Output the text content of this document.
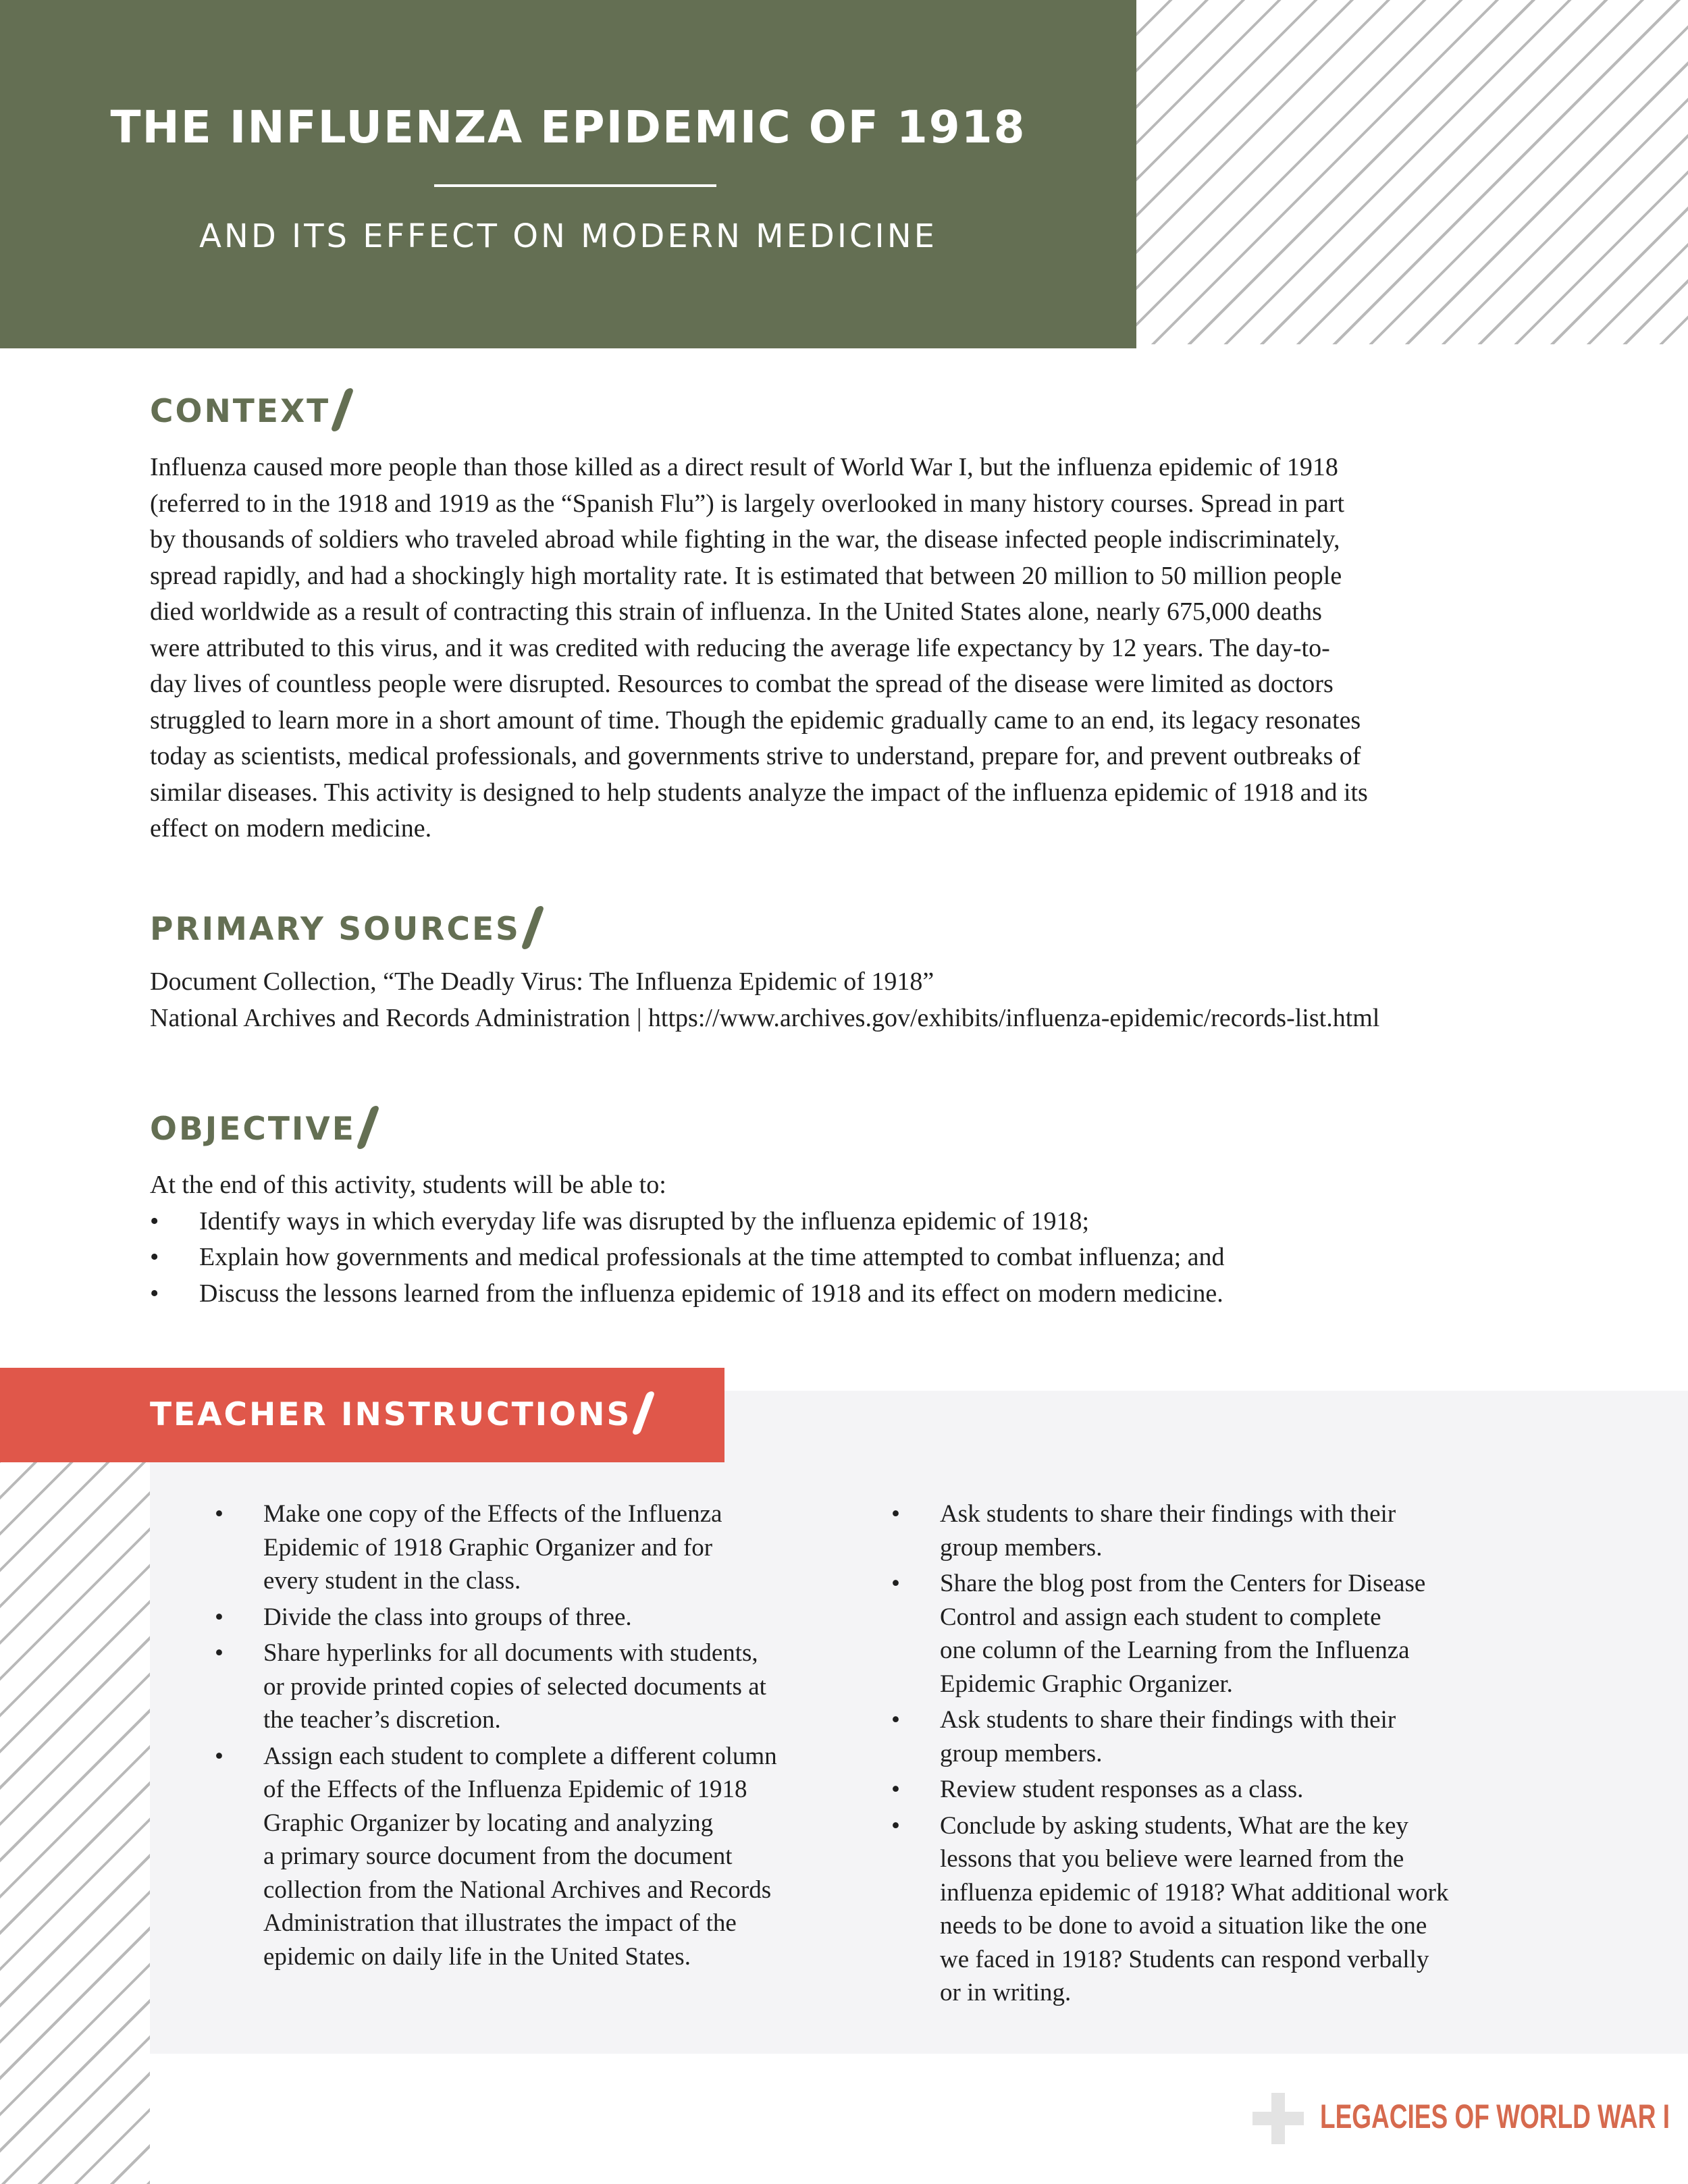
THE INFLUENZA EPIDEMIC OF 1918
AND ITS EFFECT ON MODERN MEDICINE
CONTEXT

Influenza caused more people than those killed as a direct result of World War I, but the influenza epidemic of 1918

(referred to in the 1918 and 1919 as the “Spanish Flu”) is largely overlooked in many history courses. Spread in part

by thousands of soldiers who traveled abroad while fighting in the war, the disease infected people indiscriminately,

spread rapidly, and had a shockingly high mortality rate. It is estimated that between 20 million to 50 million people

died worldwide as a result of contracting this strain of influenza. In the United States alone, nearly 675,000 deaths

were attributed to this virus, and it was credited with reducing the average life expectancy by 12 years. The day-to-

day lives of countless people were disrupted. Resources to combat the spread of the disease were limited as doctors

struggled to learn more in a short amount of time. Though the epidemic gradually came to an end, its legacy resonates

today as scientists, medical professionals, and governments strive to understand, prepare for, and prevent outbreaks of

similar diseases. This activity is designed to help students analyze the impact of the influenza epidemic of 1918 and its

effect on modern medicine.

PRIMARY SOURCES

Document Collection, “The Deadly Virus: The Influenza Epidemic of 1918”

National Archives and Records Administration | https://www.archives.gov/exhibits/influenza-epidemic/records-list.html

OBJECTIVE

At the end of this activity, students will be able to:

• Identify ways in which everyday life was disrupted by the influenza epidemic of 1918;
• Explain how governments and medical professionals at the time attempted to combat influenza; and
• Discuss the lessons learned from the influenza epidemic of 1918 and its effect on modern medicine.
TEACHER INSTRUCTIONS
• Make one copy of the Effects of the Influenza
Epidemic of 1918 Graphic Organizer and for
every student in the class.
• Divide the class into groups of three.
• Share hyperlinks for all documents with students,
or provide printed copies of selected documents at
the teacher’s discretion.
• Assign each student to complete a different column
of the Effects of the Influenza Epidemic of 1918
Graphic Organizer by locating and analyzing
a primary source document from the document
collection from the National Archives and Records
Administration that illustrates the impact of the
epidemic on daily life in the United States.
• Ask students to share their findings with their
group members.
• Share the blog post from the Centers for Disease
Control and assign each student to complete
one column of the Learning from the Influenza
Epidemic Graphic Organizer.
• Ask students to share their findings with their
group members.
• Review student responses as a class.
• Conclude by asking students, What are the key
lessons that you believe were learned from the
influenza epidemic of 1918? What additional work
needs to be done to avoid a situation like the one
we faced in 1918? Students can respond verbally
or in writing.
LEGACIES OF WORLD WAR I
